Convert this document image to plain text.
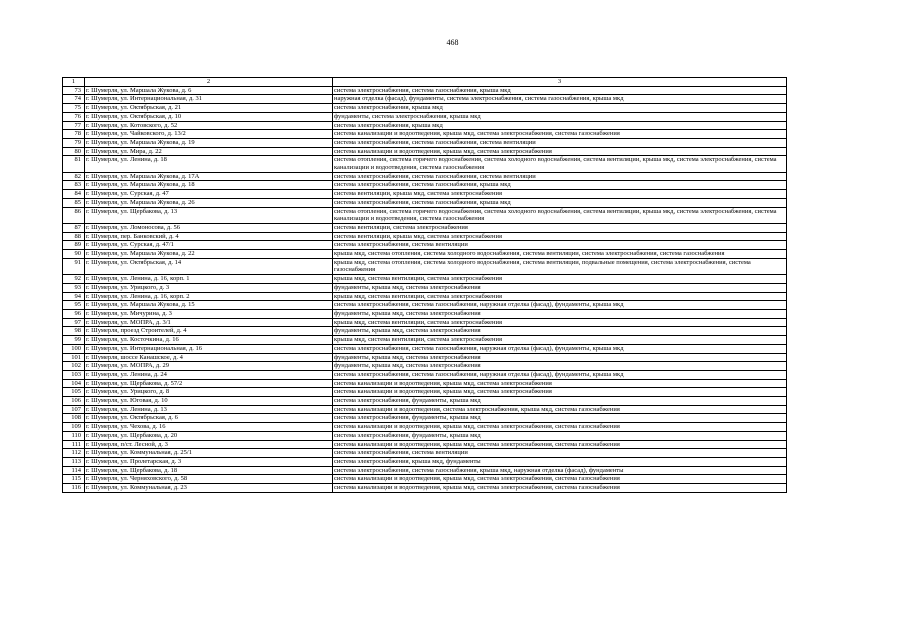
468
1	2	3
73	г. Шумерля, ул. Маршала Жукова, д. 6	система электроснабжения, система газоснабжения, крыша мкд
74	г. Шумерля, ул. Интернациональная, д. 31	наружная отделка (фасад), фундаменты, система электроснабжения, система газоснабжения, крыша мкд
75	г. Шумерля, ул. Октябрьская, д. 21	система электроснабжения, крыша мкд
76	г. Шумерля, ул. Октябрьская, д. 10	фундаменты, система электроснабжения, крыша мкд
77	г. Шумерля, ул. Котовского, д. 52	система электроснабжения, крыша мкд
78	г. Шумерля, ул. Чайковского, д. 13/2	система канализации и водоотведения, крыша мкд, система электроснабжения, система газоснабжения
79	г. Шумерля, ул. Маршала Жукова, д. 19	система электроснабжения, система газоснабжения, система вентиляции
80	г. Шумерля, ул. Мира, д. 22	система канализации и водоотведения, крыша мкд, система электроснабжения
81	г. Шумерля, ул. Ленина, д. 18	система отопления, система горячего водоснабжения, система холодного водоснабжения, система вентиляции, крыша мкд, система электроснабжения, система канализации и водоотведения, система газоснабжения
82	г. Шумерля, ул. Маршала Жукова, д. 17А	система электроснабжения, система газоснабжения, система вентиляции
83	г. Шумерля, ул. Маршала Жукова, д. 18	система электроснабжения, система газоснабжения, крыша мкд
84	г. Шумерля, ул. Сурская, д. 47	система вентиляции, крыша мкд, система электроснабжения
85	г. Шумерля, ул. Маршала Жукова, д. 26	система электроснабжения, система газоснабжения, крыша мкд
86	г. Шумерля, ул. Щербакова, д. 13	система отопления, система горячего водоснабжения, система холодного водоснабжения, система вентиляции, крыша мкд, система электроснабжения, система канализации и водоотведения, система газоснабжения
87	г. Шумерля, ул. Ломоносова, д. 56	система вентиляции, система электроснабжения
88	г. Шумерля, пер. Банковский, д. 4	система вентиляции, крыша мкд, система электроснабжения
89	г. Шумерля, ул. Сурская, д. 47/1	система электроснабжения, система вентиляции
90	г. Шумерля, ул. Маршала Жукова, д. 22	крыша мкд, система отопления, система холодного водоснабжения, система вентиляции, система электроснабжения, система газоснабжения
91	г. Шумерля, ул. Октябрьская, д. 14	крыша мкд, система отопления, система холодного водоснабжения, система вентиляции, подвальные помещения, система электроснабжения, система газоснабжения
92	г. Шумерля, ул. Ленина, д. 16, корп. 1	крыша мкд, система вентиляции, система электроснабжения
93	г. Шумерля, ул. Урицкого, д. 3	фундаменты, крыша мкд, система электроснабжения
94	г. Шумерля, ул. Ленина, д. 16, корп. 2	крыша мкд, система вентиляции, система электроснабжения
95	г. Шумерля, ул. Маршала Жукова, д. 15	система электроснабжения, система газоснабжения, наружная отделка (фасад), фундаменты, крыша мкд
96	г. Шумерля, ул. Мичурина, д. 3	фундаменты, крыша мкд, система электроснабжения
97	г. Шумерля, ул. МОПРА, д. 3/1	крыша мкд, система вентиляции, система электроснабжения
98	г. Шумерля, проезд Строителей, д. 4	фундаменты, крыша мкд, система электроснабжения
99	г. Шумерля, ул. Косточкина, д. 16	крыша мкд, система вентиляции, система электроснабжения
100	г. Шумерля, ул. Интернациональная, д. 16	система электроснабжения, система газоснабжения, наружная отделка (фасад), фундаменты, крыша мкд
101	г. Шумерля, шоссе Канашское, д. 4	фундаменты, крыша мкд, система электроснабжения
102	г. Шумерля, ул. МОПРА, д. 29	фундаменты, крыша мкд, система электроснабжения
103	г. Шумерля, ул. Ленина, д. 24	система электроснабжения, система газоснабжения, наружная отделка (фасад), фундаменты, крыша мкд
104	г. Шумерля, ул. Щербакова, д. 57/2	система канализации и водоотведения, крыша мкд, система электроснабжения
105	г. Шумерля, ул. Урицкого, д. 8	система канализации и водоотведения, крыша мкд, система электроснабжения
106	г. Шумерля, ул. Юговая, д. 10	система электроснабжения, фундаменты, крыша мкд
107	г. Шумерля, ул. Ленина, д. 13	система канализации и водоотведения, система электроснабжения, крыша мкд, система газоснабжения
108	г. Шумерля, ул. Октябрьская, д. 6	система электроснабжения, фундаменты, крыша мкд
109	г. Шумерля, ул. Чехова, д. 16	система канализации и водоотведения, крыша мкд, система электроснабжения, система газоснабжения
110	г. Шумерля, ул. Щербакова, д. 20	система электроснабжения, фундаменты, крыша мкд
111	г. Шумерля, п/ст. Лесной, д. 3	система канализации и водоотведения, крыша мкд, система электроснабжения, система газоснабжения
112	г. Шумерля, ул. Коммунальная, д. 25/1	система электроснабжения, система вентиляции
113	г. Шумерля, ул. Пролетарская, д. 3	система электроснабжения, крыша мкд, фундаменты
114	г. Шумерля, ул. Щербакова, д. 18	система электроснабжения, система газоснабжения, крыша мкд, наружная отделка (фасад), фундаменты
115	г. Шумерля, ул. Черняховского, д. 58	система канализации и водоотведения, крыша мкд, система электроснабжения, система газоснабжения
116	г. Шумерля, ул. Коммунальная, д. 23	система канализации и водоотведения, крыша мкд, система электроснабжения, система газоснабжения
